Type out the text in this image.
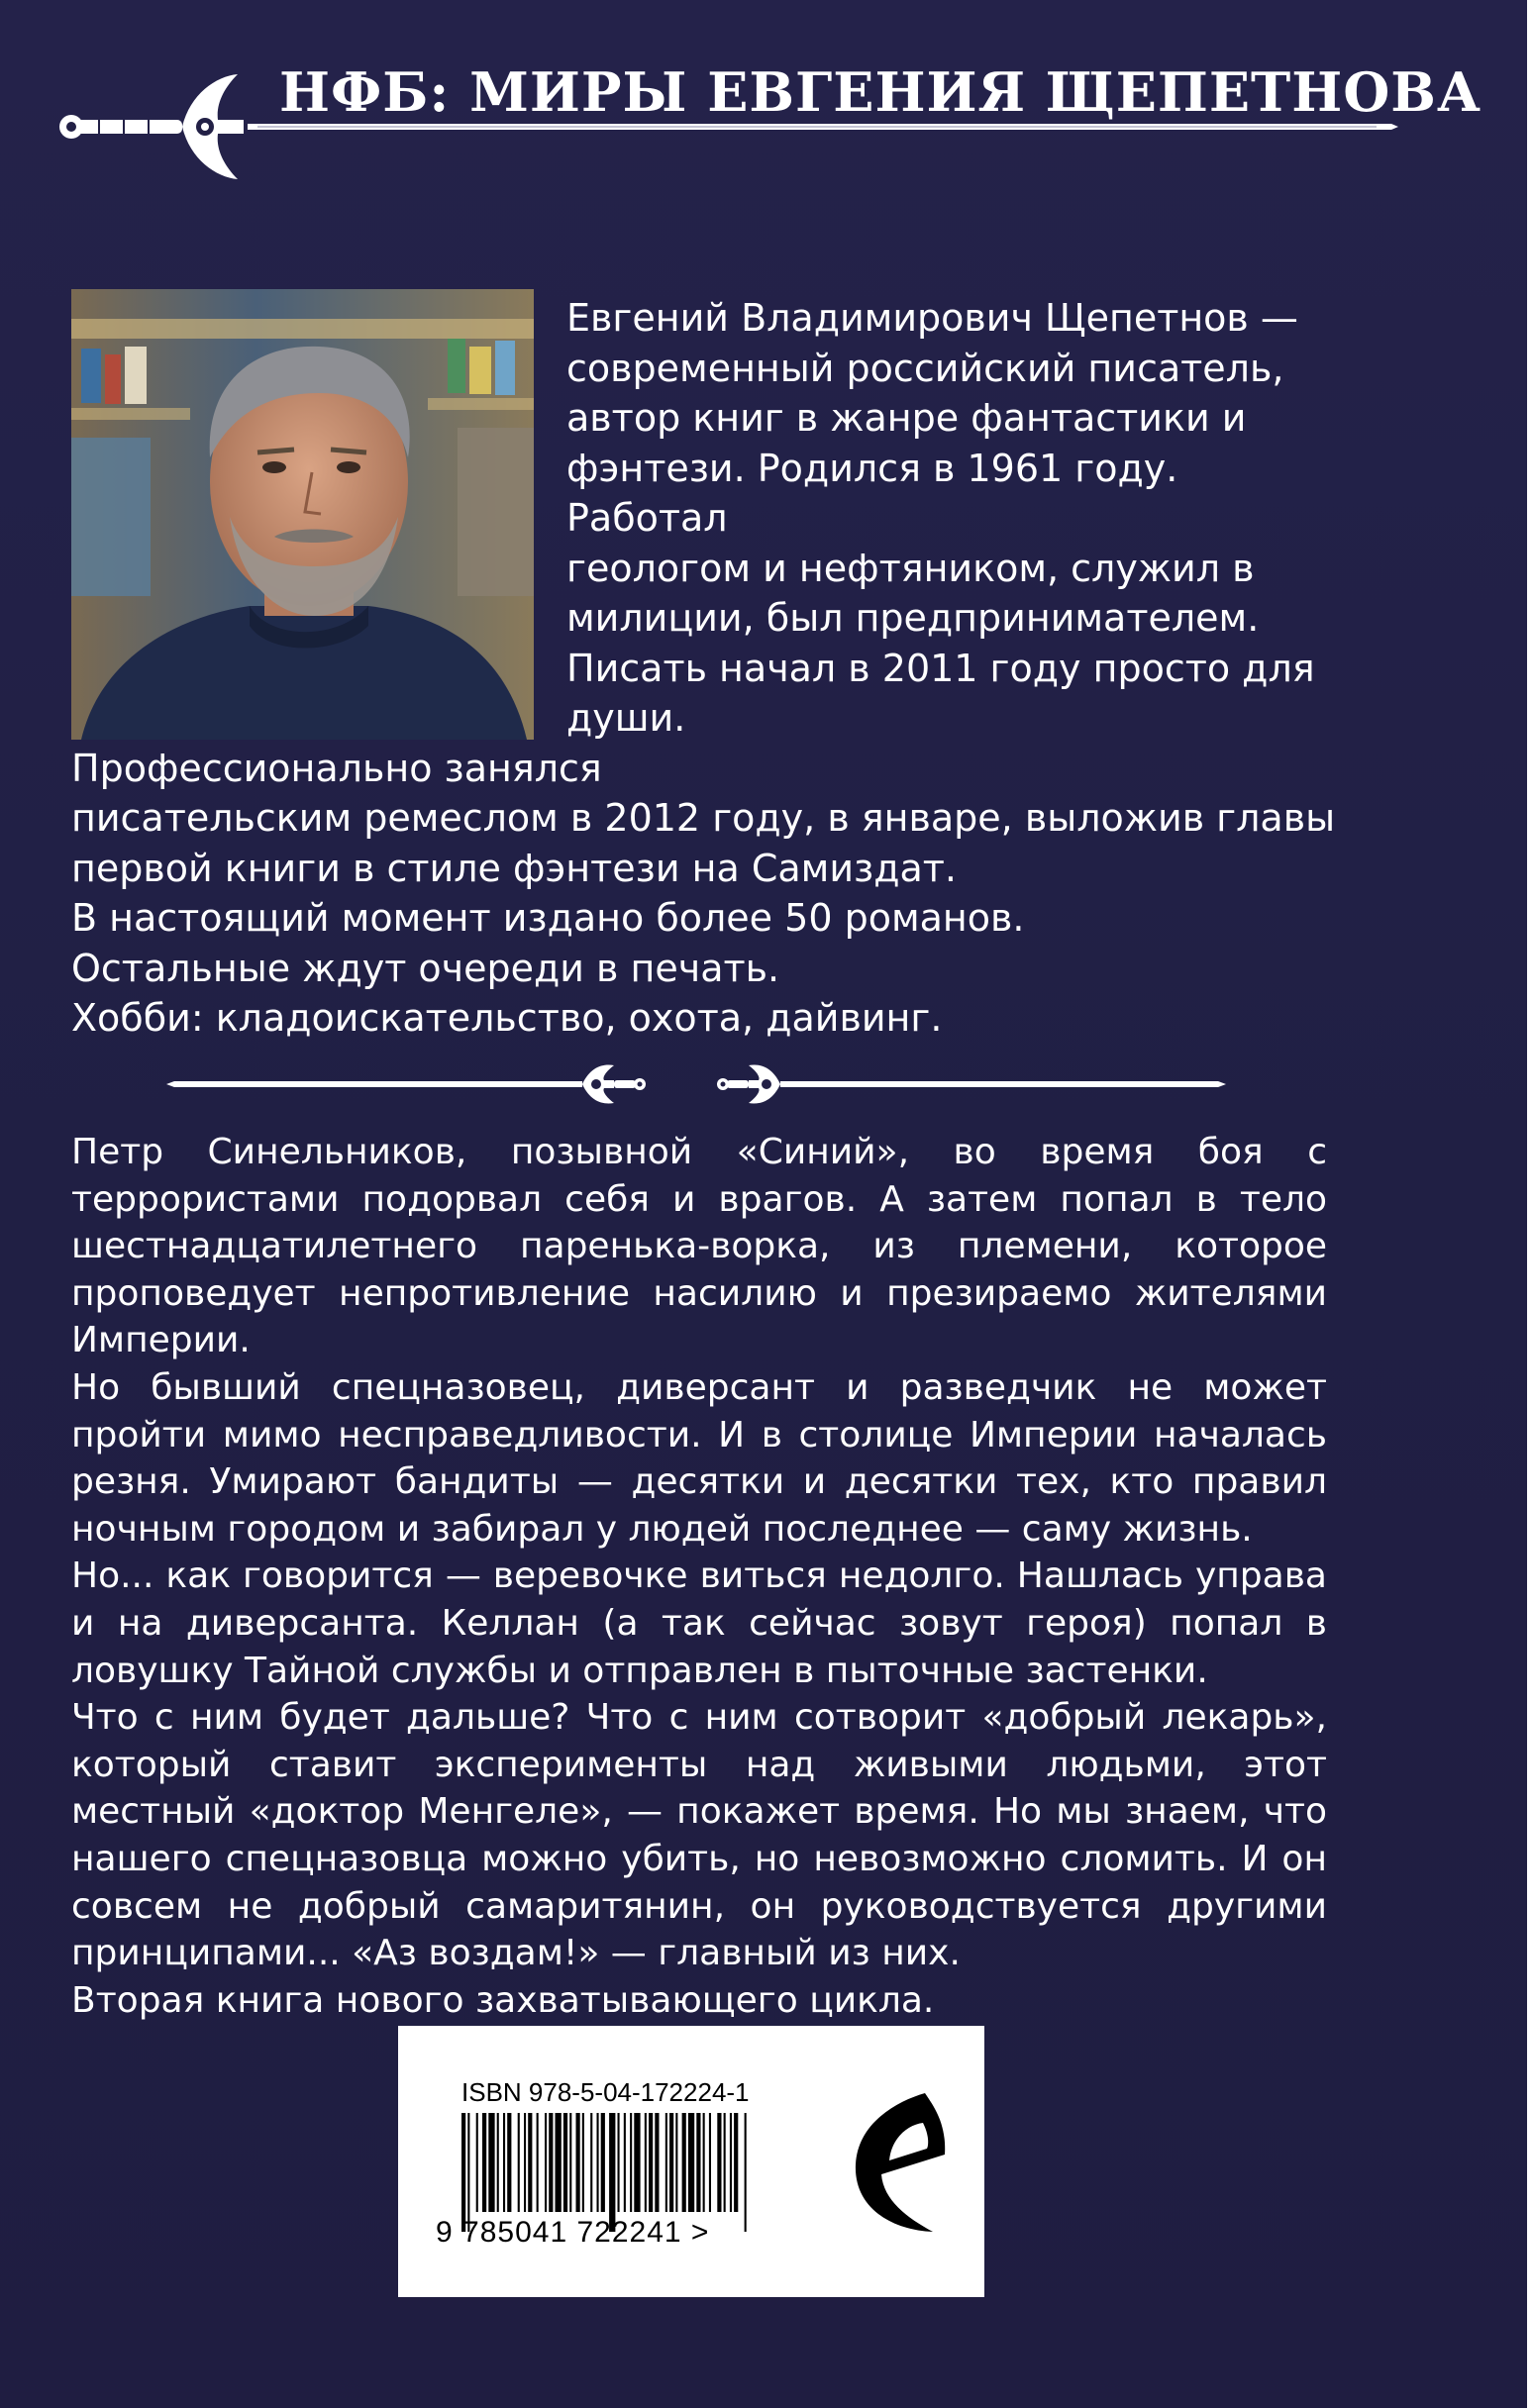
НФБ: МИРЫ ЕВГЕНИЯ ЩЕПЕТНОВА
Евгений Владимирович Щепетнов —
современный российский писатель,
автор книг в жанре фантастики и
фэнтези. Родился в 1961 году. Работал
геологом и нефтяником, служил в
милиции, был предпринимателем.
Писать начал в 2011 году просто для
души.
Профессионально занялся
писательским ремеслом в 2012 году, в январе, выложив главы
первой книги в стиле фэнтези на Самиздат.
В настоящий момент издано более 50 романов.
Остальные ждут очереди в печать.
Хобби: кладоискательство, охота, дайвинг.

Петр Синельников, позывной «Синий», во время боя с террористами подорвал себя и врагов. А затем попал в тело шестнадцатилетнего паренька-ворка, из племени, которое проповедует непротивление насилию и презираемо жителями Империи.

Но бывший спецназовец, диверсант и разведчик не может пройти мимо несправедливости. И в столице Империи началась резня. Умирают бандиты — десятки и десятки тех, кто правил ночным городом и забирал у людей последнее — саму жизнь.

Но... как говорится — веревочке виться недолго. Нашлась управа и на диверсанта. Келлан (а так сейчас зовут героя) попал в ловушку Тайной службы и отправлен в пыточные застенки.

Что с ним будет дальше? Что с ним сотворит «добрый лекарь», который ставит эксперименты над живыми людьми, этот местный «доктор Менгеле», — покажет время. Но мы знаем, что нашего спецназовца можно убить, но невозможно сломить. И он совсем не добрый самаритянин, он руководствуется другими принципами... «Аз воздам!» — главный из них.

Вторая книга нового захватывающего цикла.

ISBN 978-5-04-172224-1
9 785041 722241 >
